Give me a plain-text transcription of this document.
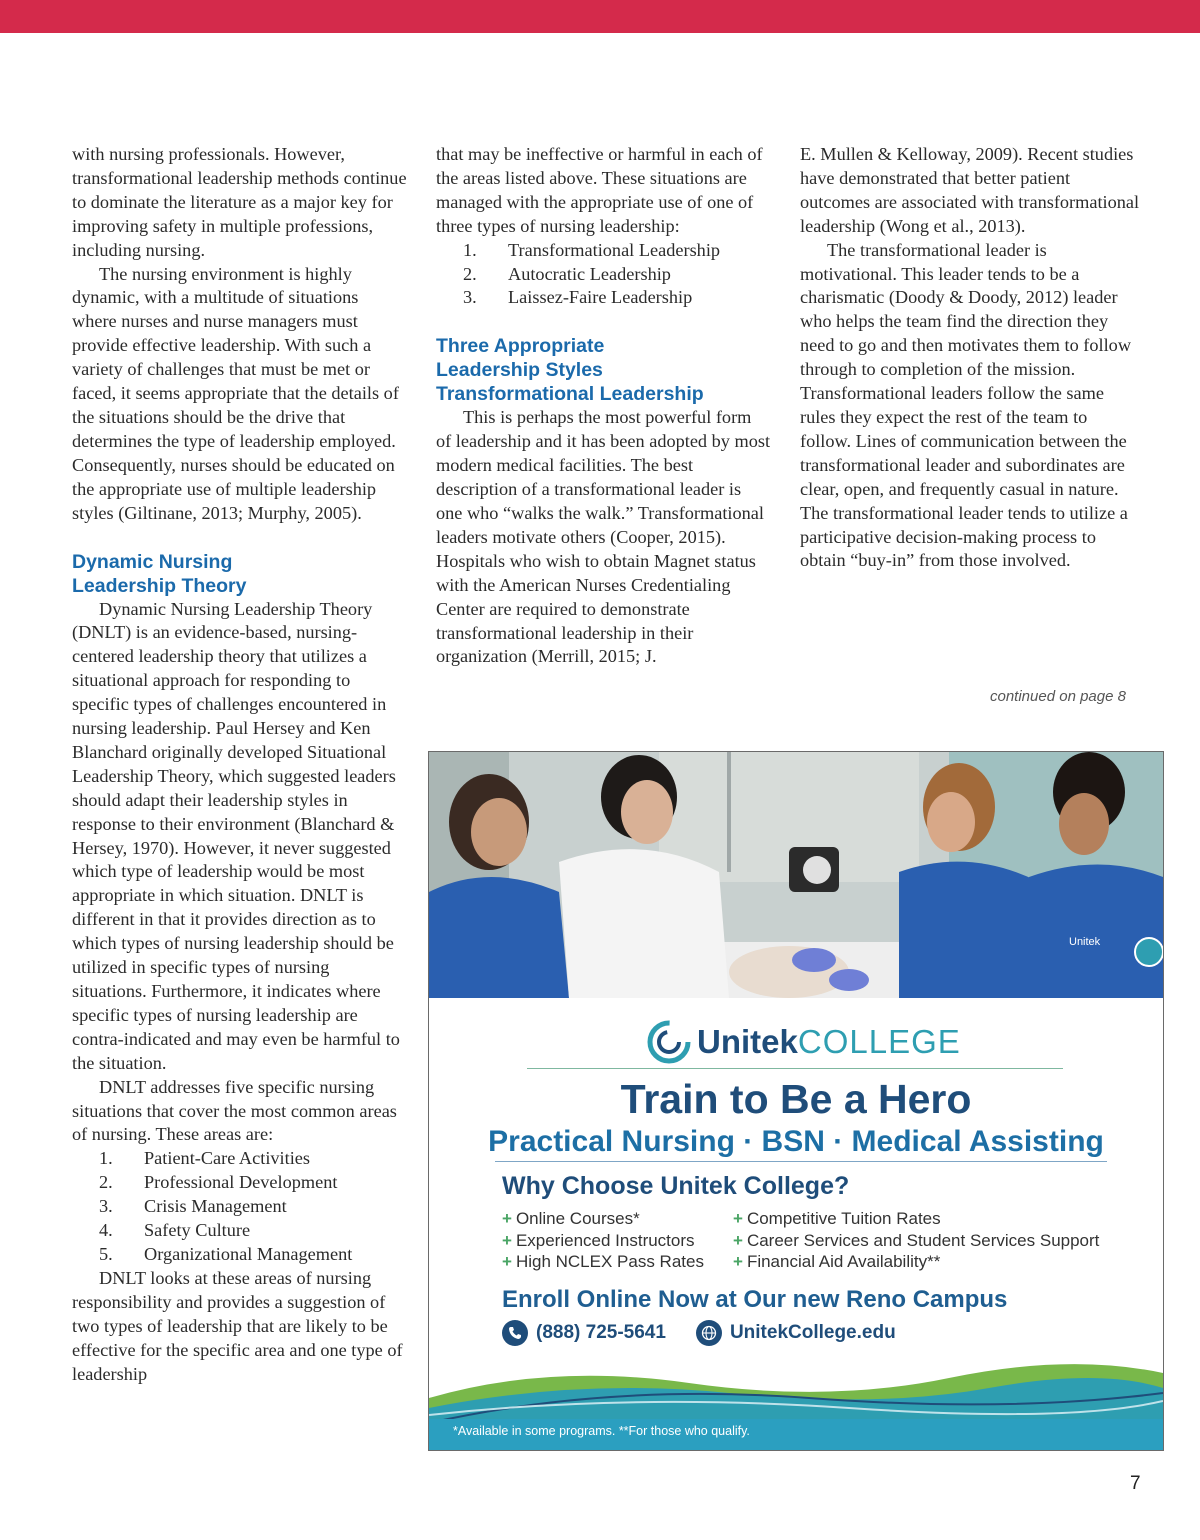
with nursing professionals. However, transformational leadership methods continue to dominate the literature as a major key for improving safety in multiple professions, including nursing.

The nursing environment is highly dynamic, with a multitude of situations where nurses and nurse managers must provide effective leadership. With such a variety of challenges that must be met or faced, it seems appropriate that the details of the situations should be the drive that determines the type of leadership employed. Consequently, nurses should be educated on the appropriate use of multiple leadership styles (Giltinane, 2013; Murphy, 2005).

Dynamic Nursing Leadership Theory

Dynamic Nursing Leadership Theory (DNLT) is an evidence-based, nursing-centered leadership theory that utilizes a situational approach for responding to specific types of challenges encountered in nursing leadership. Paul Hersey and Ken Blanchard originally developed Situational Leadership Theory, which suggested leaders should adapt their leadership styles in response to their environment (Blanchard & Hersey, 1970). However, it never suggested which type of leadership would be most appropriate in which situation. DNLT is different in that it provides direction as to which types of nursing leadership should be utilized in specific types of nursing situations. Furthermore, it indicates where specific types of nursing leadership are contra-indicated and may even be harmful to the situation.

DNLT addresses five specific nursing situations that cover the most common areas of nursing. These areas are:

1. Patient-Care Activities
2. Professional Development
3. Crisis Management
4. Safety Culture
5. Organizational Management

DNLT looks at these areas of nursing responsibility and provides a suggestion of two types of leadership that are likely to be effective for the specific area and one type of leadership

that may be ineffective or harmful in each of the areas listed above. These situations are managed with the appropriate use of one of three types of nursing leadership:

1. Transformational Leadership
2. Autocratic Leadership
3. Laissez-Faire Leadership
Three Appropriate Leadership Styles
Transformational Leadership

This is perhaps the most powerful form of leadership and it has been adopted by most modern medical facilities. The best description of a transformational leader is one who “walks the walk.” Transformational leaders motivate others (Cooper, 2015). Hospitals who wish to obtain Magnet status with the American Nurses Credentialing Center are required to demonstrate transformational leadership in their organization (Merrill, 2015; J.

E. Mullen & Kelloway, 2009). Recent studies have demonstrated that better patient outcomes are associated with transformational leadership (Wong et al., 2013).

The transformational leader is motivational. This leader tends to be a charismatic (Doody & Doody, 2012) leader who helps the team find the direction they need to go and then motivates them to follow through to completion of the mission. Transformational leaders follow the same rules they expect the rest of the team to follow. Lines of communication between the transformational leader and subordinates are clear, open, and frequently casual in nature. The transformational leader tends to utilize a participative decision-making process to obtain “buy-in” from those involved.

continued on page 8
Unitek
UnitekCOLLEGE
Train to Be a Hero
Practical Nursing · BSN · Medical Assisting
Why Choose Unitek College?
+ Online Courses*
+ Experienced Instructors
+ High NCLEX Pass Rates
+ Competitive Tuition Rates
+ Career Services and Student Services Support
+ Financial Aid Availability**
Enroll Online Now at Our new Reno Campus
(888) 725-5641	UnitekCollege.edu
*Available in some programs. **For those who qualify.
7
